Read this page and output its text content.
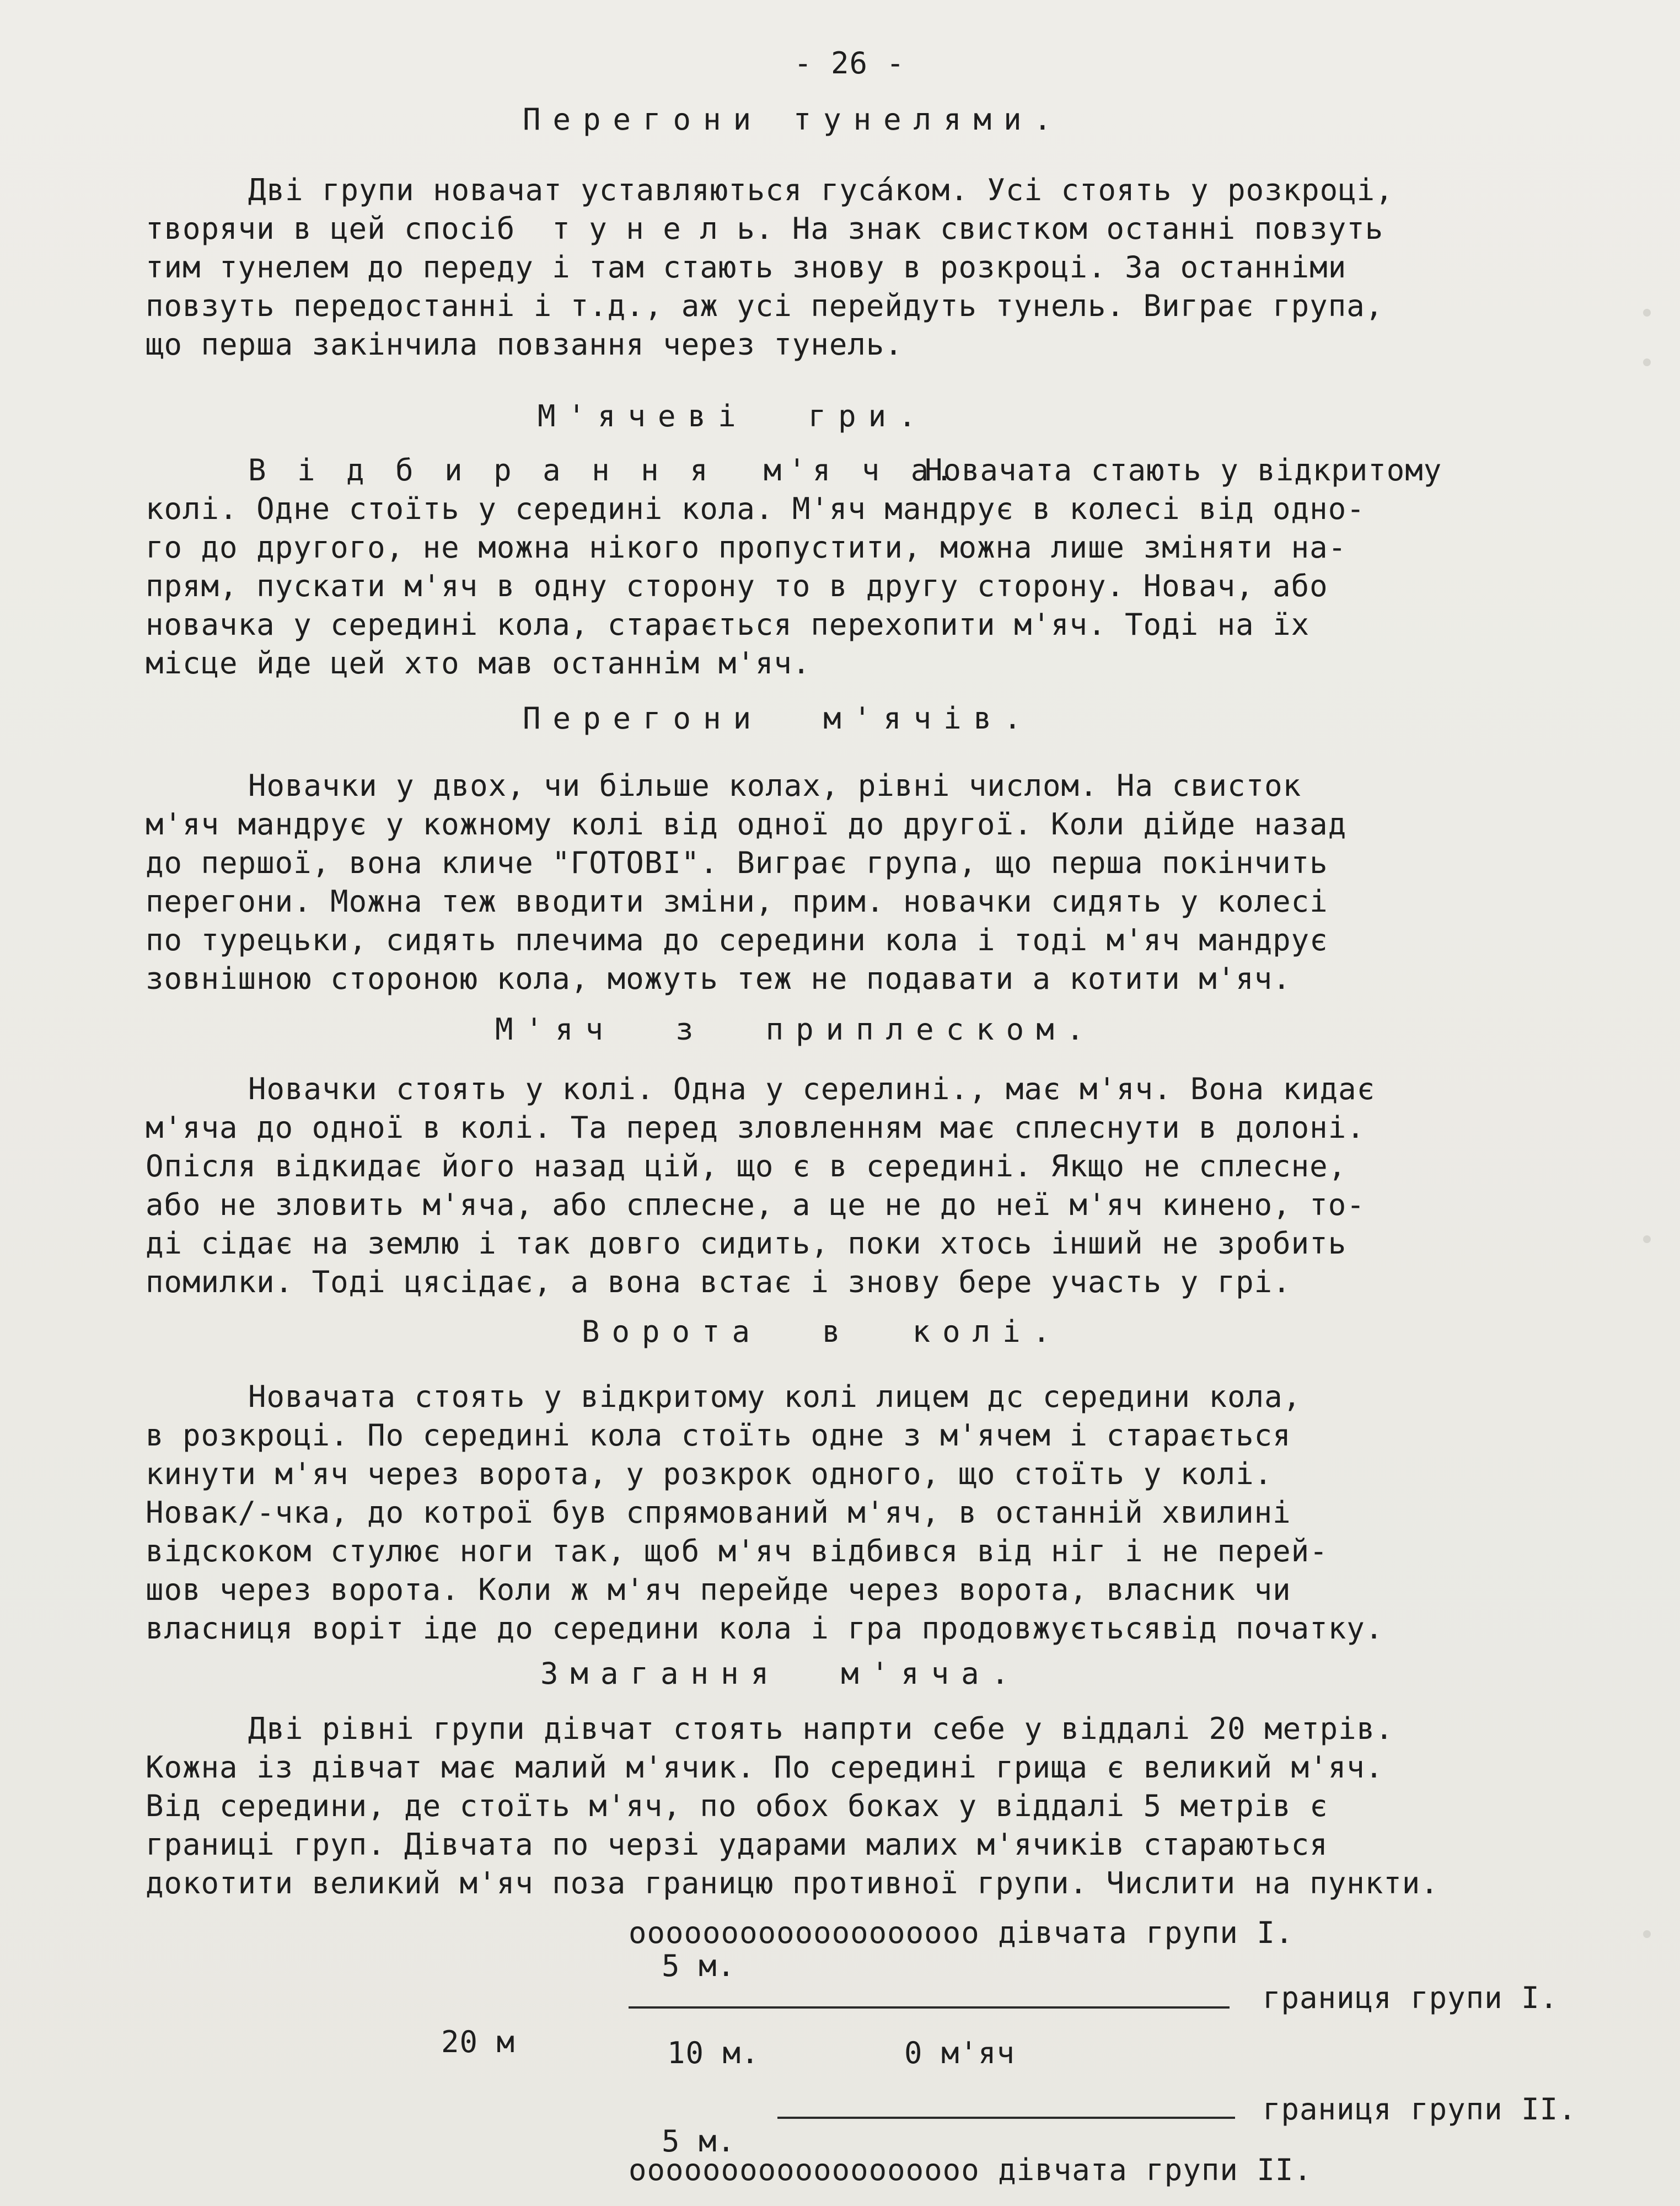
- 26 -
Перегони тунелями.
Дві групи новачат уставляються гусáком. Усі стоять у розкроці,
творячи в цей спосіб  т у н е л ь. На знак свистком останні повзуть
тим тунелем до переду і там стають знову в розкроці. За останніми
повзуть передостанні і т.д., аж усі перейдуть тунель. Виграє група,
що перша закінчила повзання через тунель.
М'ячеві  гри.
В і д б и р а н н я  м'я ч а.
Новачата стають у відкритому
колі. Одне стоїть у середині кола. М'яч мандрує в колесі від одно-
го до другого, не можна нікого пропустити, можна лише зміняти на-
прям, пускати м'яч в одну сторону то в другу сторону. Новач, або
новачка у середині кола, старається перехопити м'яч. Тоді на їх
місце йде цей хто мав останнім м'яч.
Перегони  м'ячів.
Новачки у двох, чи більше колах, рівні числом. На свисток
м'яч мандрує у кожному колі від одної до другої. Коли дійде назад
до першої, вона кличе "ГОТОВІ". Виграє група, що перша покінчить
перегони. Можна теж вводити зміни, прим. новачки сидять у колесі
по турецьки, сидять плечима до середини кола і тоді м'яч мандрує
зовнішною стороною кола, можуть теж не подавати а котити м'яч.
М'яч  з  приплеском.
Новачки стоять у колі. Одна у серелині., має м'яч. Вона кидає
м'яча до одної в колі. Та перед зловленням має сплеснути в долоні.
Опісля відкидає його назад цій, що є в середині. Якщо не сплесне,
або не зловить м'яча, або сплесне, а це не до неї м'яч кинено, то-
ді сідає на землю і так довго сидить, поки хтось інший не зробить
помилки. Тоді цясідає, а вона встає і знову бере участь у грі.
Ворота  в  колі.
Новачата стоять у відкритому колі лицем дс середини кола,
в розкроці. По середині кола стоїть одне з м'ячем і старається
кинути м'яч через ворота, у розкрок одного, що стоїть у колі.
Новак/-чка, до котрої був спрямований м'яч, в останній хвилині
відскоком стулює ноги так, щоб м'яч відбився від ніг і не перей-
шов через ворота. Коли ж м'яч перейде через ворота, власник чи
власниця воріт іде до середини кола і гра продовжуєтьсявід початку.
Змагання  м'яча.
Дві рівні групи дівчат стоять напрти себе у віддалі 20 метрів.
Кожна із дівчат має малий м'ячик. По середині грища є великий м'яч.
Від середини, де стоїть м'яч, по обох боках у віддалі 5 метрів є
границі груп. Дівчата по черзі ударами малих м'ячиків стараються
докотити великий м'яч поза границю противної групи. Числити на пункти.
ооооооооооооооооооо дівчата групи I.
5 м.
границя групи I.
20 м	10 м.	0 м'яч
границя групи II.
5 м.
ооооооооооооооооооо дівчата групи II.
